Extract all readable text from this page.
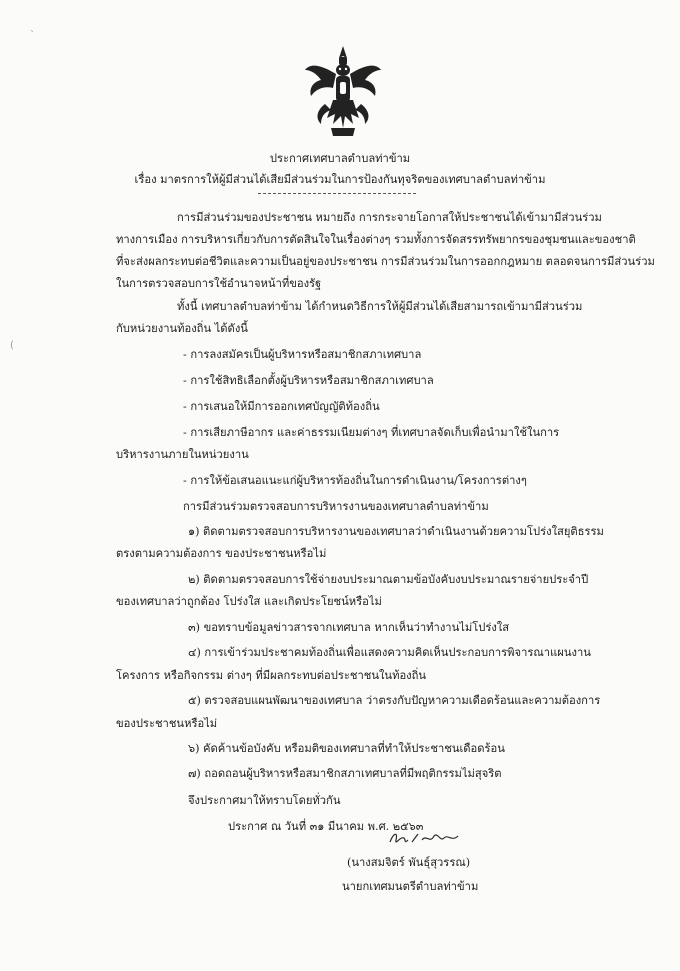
ประกาศเทศบาลตำบลท่าข้าม
เรื่อง มาตรการให้ผู้มีส่วนได้เสียมีส่วนร่วมในการป้องกันทุจริตของเทศบาลตำบลท่าข้าม
การมีส่วนร่วมของประชาชน หมายถึง การกระจายโอกาสให้ประชาชนได้เข้ามามีส่วนร่วม
ทางการเมือง การบริหารเกี่ยวกับการตัดสินใจในเรื่องต่างๆ รวมทั้งการจัดสรรทรัพยากรของชุมชนและของชาติ
ที่จะส่งผลกระทบต่อชีวิตและความเป็นอยู่ของประชาชน การมีส่วนร่วมในการออกกฎหมาย ตลอดจนการมีส่วนร่วม
ในการตรวจสอบการใช้อำนาจหน้าที่ของรัฐ
ทั้งนี้ เทศบาลตำบลท่าข้าม ได้กำหนดวิธีการให้ผู้มีส่วนได้เสียสามารถเข้ามามีส่วนร่วม
กับหน่วยงานท้องถิ่น ได้ดังนี้
- การลงสมัครเป็นผู้บริหารหรือสมาชิกสภาเทศบาล
- การใช้สิทธิเลือกตั้งผู้บริหารหรือสมาชิกสภาเทศบาล
- การเสนอให้มีการออกเทศบัญญัติท้องถิ่น
- การเสียภาษีอากร และค่าธรรมเนียมต่างๆ ที่เทศบาลจัดเก็บเพื่อนำมาใช้ในการ
บริหารงานภายในหน่วยงาน
- การให้ข้อเสนอแนะแก่ผู้บริหารท้องถิ่นในการดำเนินงาน/โครงการต่างๆ
การมีส่วนร่วมตรวจสอบการบริหารงานของเทศบาลตำบลท่าข้าม
๑) ติดตามตรวจสอบการบริหารงานของเทศบาลว่าดำเนินงานด้วยความโปร่งใสยุติธรรม
ตรงตามความต้องการ ของประชาชนหรือไม่
๒) ติดตามตรวจสอบการใช้จ่ายงบประมาณตามข้อบังคับงบประมาณรายจ่ายประจำปี
ของเทศบาลว่าถูกต้อง โปร่งใส และเกิดประโยชน์หรือไม่
๓) ขอทราบข้อมูลข่าวสารจากเทศบาล หากเห็นว่าทำงานไม่โปร่งใส
๔) การเข้าร่วมประชาคมท้องถิ่นเพื่อแสดงความคิดเห็นประกอบการพิจารณาแผนงาน
โครงการ หรือกิจกรรม ต่างๆ ที่มีผลกระทบต่อประชาชนในท้องถิ่น
๕) ตรวจสอบแผนพัฒนาของเทศบาล ว่าตรงกับปัญหาความเดือดร้อนและความต้องการ
ของประชาชนหรือไม่
๖) คัดค้านข้อบังคับ หรือมติของเทศบาลที่ทำให้ประชาชนเดือดร้อน
๗) ถอดถอนผู้บริหารหรือสมาชิกสภาเทศบาลที่มีพฤติกรรมไม่สุจริต
จึงประกาศมาให้ทราบโดยทั่วกัน
ประกาศ ณ วันที่ ๓๑ มีนาคม พ.ศ. ๒๕๖๓
(นางสมจิตร์ พันธุ์สุวรรณ)
นายกเทศมนตรีตำบลท่าข้าม
ˋ
(
